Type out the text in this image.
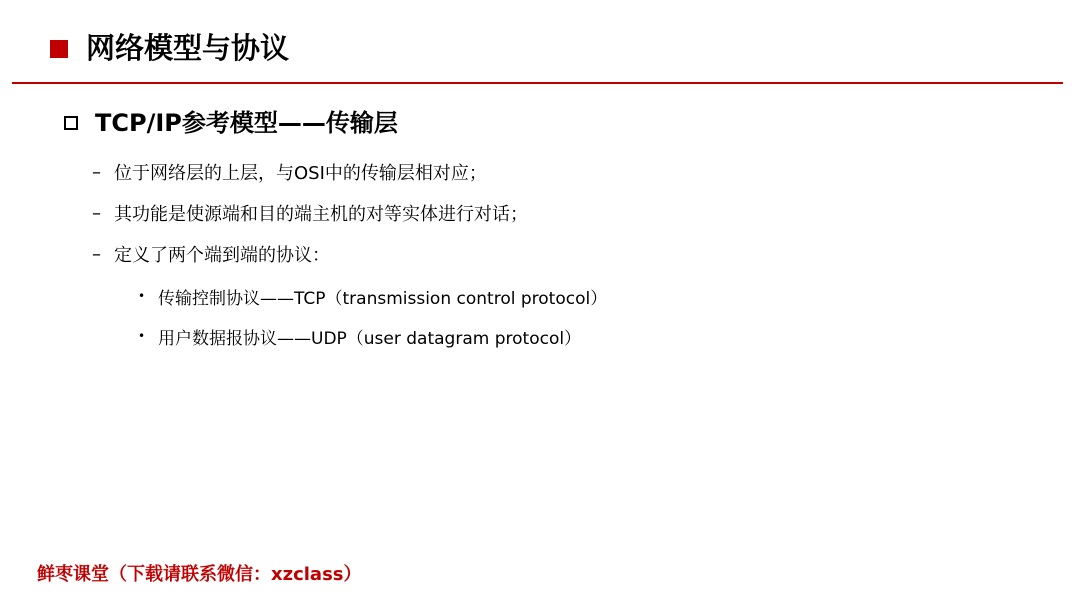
网络模型与协议
TCP/IP参考模型——传输层
– 位于网络层的上层，与OSI中的传输层相对应；
– 其功能是使源端和目的端主机的对等实体进行对话；
– 定义了两个端到端的协议：
• 传输控制协议——TCP（transmission control protocol）
• 用户数据报协议——UDP（user datagram protocol）
鲜枣课堂（下载请联系微信：xzclass）
